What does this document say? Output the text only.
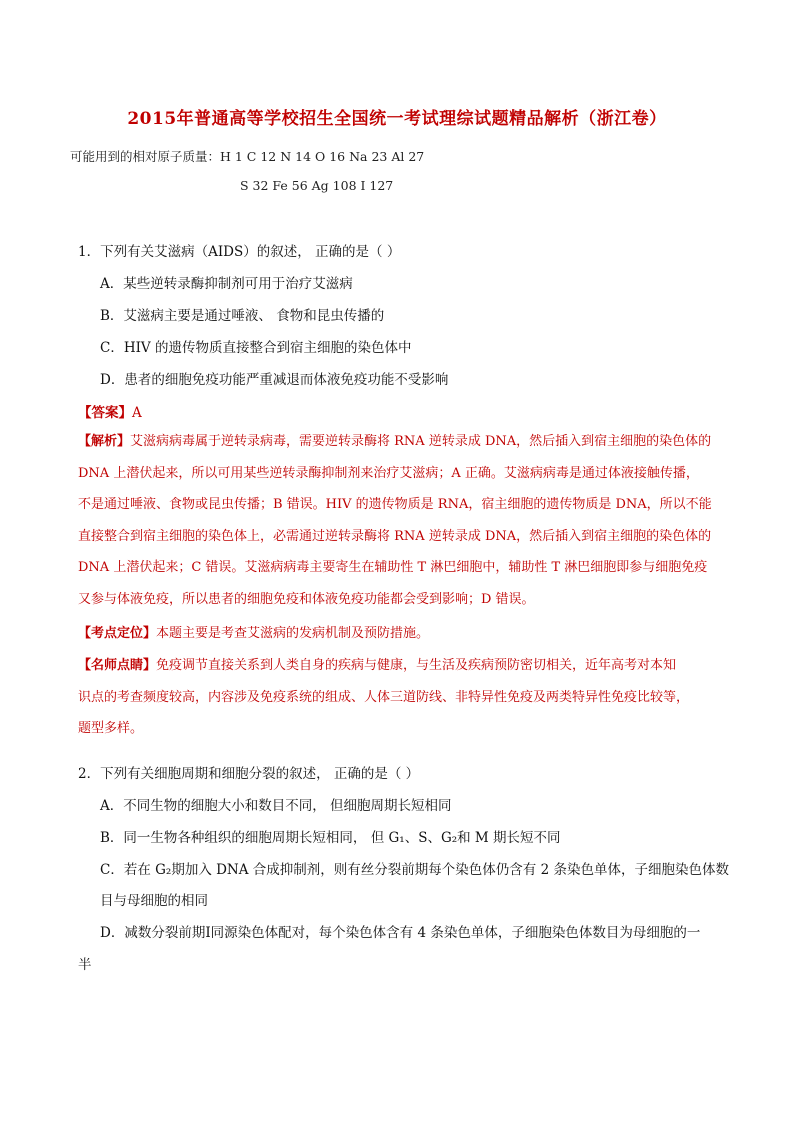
2015年普通高等学校招生全国统一考试理综试题精品解析（浙江卷）
可能用到的相对原子质量：H 1 C 12 N 14 O 16 Na 23 Al 27
S 32 Fe 56 Ag 108 I 127
1．下列有关艾滋病（AIDS）的叙述， 正确的是（ ）
A．某些逆转录酶抑制剂可用于治疗艾滋病
B．艾滋病主要是通过唾液、 食物和昆虫传播的
C．HIV 的遗传物质直接整合到宿主细胞的染色体中
D．患者的细胞免疫功能严重减退而体液免疫功能不受影响
【答案】A

【解析】艾滋病病毒属于逆转录病毒，需要逆转录酶将 RNA 逆转录成 DNA，然后插入到宿主细胞的染色体的

DNA 上潜伏起来，所以可用某些逆转录酶抑制剂来治疗艾滋病；A 正确。艾滋病病毒是通过体液接触传播，

不是通过唾液、食物或昆虫传播；B 错误。HIV 的遗传物质是 RNA，宿主细胞的遗传物质是 DNA，所以不能

直接整合到宿主细胞的染色体上，必需通过逆转录酶将 RNA 逆转录成 DNA，然后插入到宿主细胞的染色体的

DNA 上潜伏起来；C 错误。艾滋病病毒主要寄生在辅助性 T 淋巴细胞中，辅助性 T 淋巴细胞即参与细胞免疫

又参与体液免疫，所以患者的细胞免疫和体液免疫功能都会受到影响；D 错误。

【考点定位】本题主要是考查艾滋病的发病机制及预防措施。

【名师点睛】免疫调节直接关系到人类自身的疾病与健康，与生活及疾病预防密切相关，近年高考对本知

识点的考查频度较高，内容涉及免疫系统的组成、人体三道防线、非特异性免疫及两类特异性免疫比较等，

题型多样。

2．下列有关细胞周期和细胞分裂的叙述， 正确的是（ ）
A．不同生物的细胞大小和数目不同， 但细胞周期长短相同
B．同一生物各种组织的细胞周期长短相同， 但 G₁、S、G₂和 M 期长短不同
C．若在 G₂期加入 DNA 合成抑制剂，则有丝分裂前期每个染色体仍含有 2 条染色单体，子细胞染色体数
目与母细胞的相同
D．减数分裂前期Ⅰ同源染色体配对，每个染色体含有 4 条染色单体，子细胞染色体数目为母细胞的一
半
